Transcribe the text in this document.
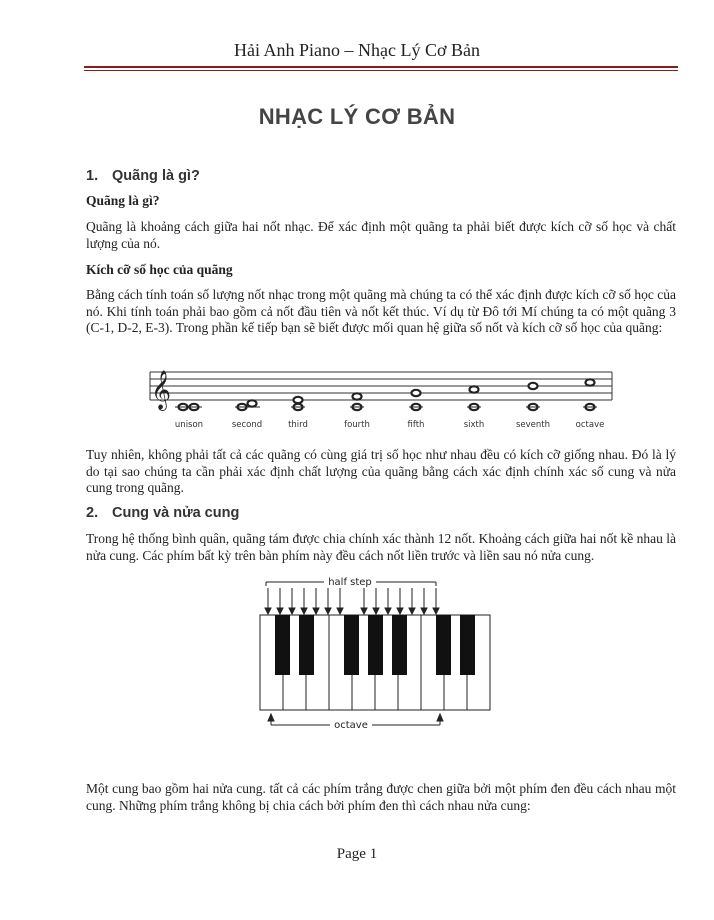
Hải Anh Piano – Nhạc Lý Cơ Bản
NHẠC LÝ CƠ BẢN
1. Quãng là gì?
Quãng là gì?

Quãng là khoảng cách giữa hai nốt nhạc. Để xác định một quãng ta phải biết được kích cỡ số học và chất lượng của nó.

Kích cỡ số học của quãng

Bằng cách tính toán số lượng nốt nhạc trong một quãng mà chúng ta có thể xác định được kích cỡ số học của nó. Khi tính toán phải bao gồm cả nốt đầu tiên và nốt kết thúc. Ví dụ từ Đô tới Mí chúng ta có một quãng 3 (C-1, D-2, E-3). Trong phần kế tiếp bạn sẽ biết được mối quan hệ giữa số nốt và kích cỡ số học của quãng:

𝄞
unison	second	third	fourth	fifth	sixth	seventh	octave

Tuy nhiên, không phải tất cả các quãng có cùng giá trị số học như nhau đều có kích cỡ giống nhau. Đó là lý do tại sao chúng ta cần phải xác định chất lượng của quãng bằng cách xác định chính xác số cung và nửa cung trong quãng.

2. Cung và nửa cung

Trong hệ thống bình quân, quãng tám được chia chính xác thành 12 nốt. Khoảng cách giữa hai nốt kề nhau là nửa cung. Các phím bất kỳ trên bàn phím này đều cách nốt liền trước và liền sau nó nửa cung.

half step
octave

Một cung bao gồm hai nửa cung. tất cả các phím trắng được chen giữa bởi một phím đen đều cách nhau một cung. Những phím trắng không bị chia cách bởi phím đen thì cách nhau nửa cung:

Page 1
